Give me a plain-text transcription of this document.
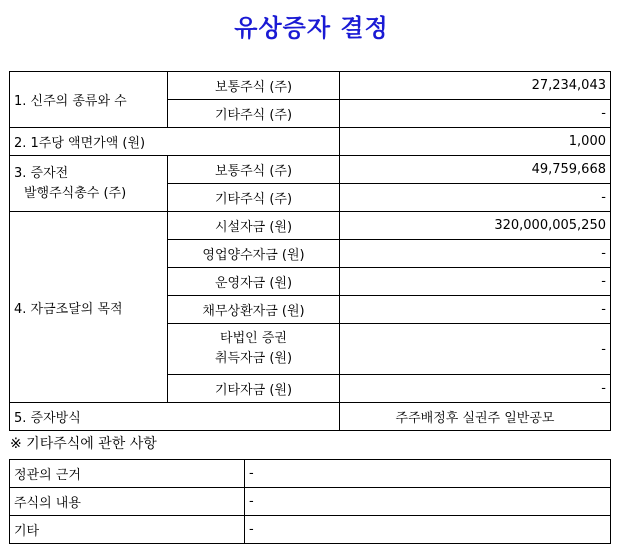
유상증자 결정
1. 신주의 종류와 수	보통주식 (주)	27,234,043
	기타주식 (주)	-
2. 1주당 액면가액 (원)		1,000

3. 증자전
발행주식총수 (주)	보통주식 (주)	49,759,668
	기타주식 (주)	-
4. 자금조달의 목적	시설자금 (원)	320,000,005,250
	영업양수자금 (원)	-
	운영자금 (원)	-
	채무상환자금 (원)	-

	타법인 증권
취득자금 (원)	-
	기타자금 (원)	-
5. 증자방식		주주배정후 실권주 일반공모
※ 기타주식에 관한 사항
정관의 근거	-
주식의 내용	-
기타	-
